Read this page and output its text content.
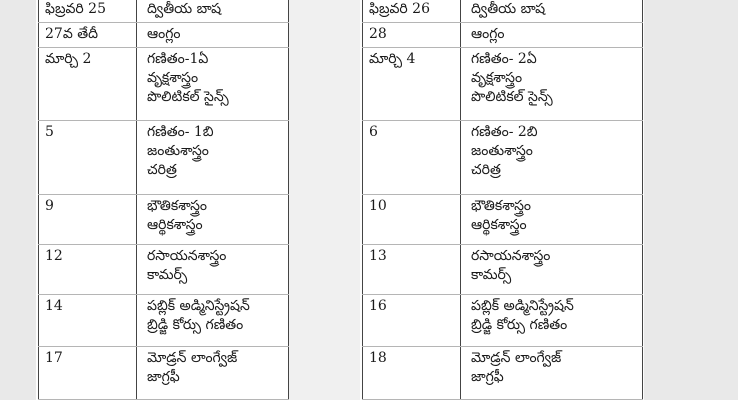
ఫిబ్రవరి 25	ద్వితీయ బాష

27వ తేదీ	ఆంగ్లం

మార్చి 2	గణితం-1ఏ
వృక్షశాస్త్రం
పొలిటికల్ సైన్స్

5	గణితం- 1బి
జంతుశాస్త్రం
చరిత్ర

9	భౌతికశాస్త్రం
ఆర్థికశాస్త్రం

12	రసాయనశాస్త్రం
కామర్స్

14	పబ్లిక్ అడ్మినిస్ట్రేషన్
బ్రిడ్జి కోర్సు గణితం

17	మోడ్రన్ లాంగ్వేజ్
జాగ్రఫీ
ఫిబ్రవరి 26	ద్వితీయ బాష

28	ఆంగ్లం

మార్చి 4	గణితం- 2ఏ
వృక్షశాస్త్రం
పొలిటికల్ సైన్స్

6	గణితం- 2బి
జంతుశాస్త్రం
చరిత్ర

10	భౌతికశాస్త్రం
ఆర్థికశాస్త్రం

13	రసాయనశాస్త్రం
కామర్స్

16	పబ్లిక్ అడ్మినిస్ట్రేషన్
బ్రిడ్జి కోర్సు గణితం

18	మోడ్రన్ లాంగ్వేజ్
జాగ్రఫీ
